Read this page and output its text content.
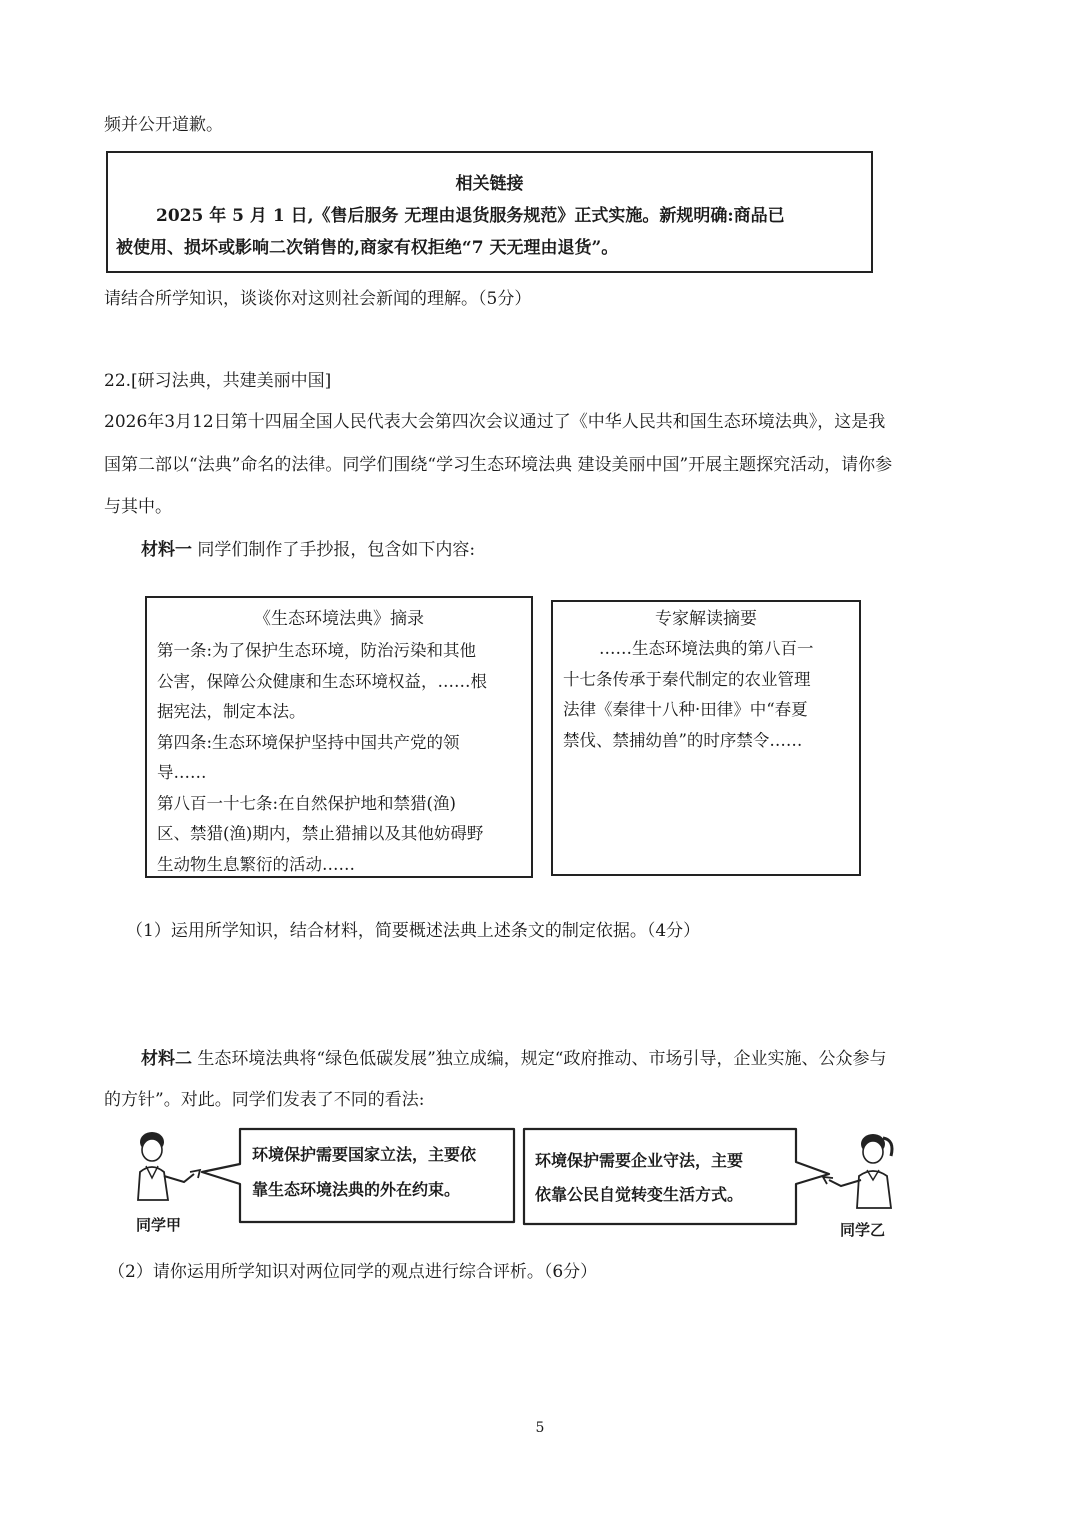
频并公开道歉。
相关链接
2025 年 5 月 1 日,《售后服务 无理由退货服务规范》正式实施。新规明确:商品已
被使用、损坏或影响二次销售的,商家有权拒绝“7 天无理由退货”。
请结合所学知识，谈谈你对这则社会新闻的理解。（5分）
22.[研习法典，共建美丽中国]
2026年3月12日第十四届全国人民代表大会第四次会议通过了《中华人民共和国生态环境法典》，这是我
国第二部以“法典”命名的法律。同学们围绕“学习生态环境法典 建设美丽中国”开展主题探究活动，请你参
与其中。
材料一 同学们制作了手抄报，包含如下内容:
《生态环境法典》摘录
第一条:为了保护生态环境，防治污染和其他
公害，保障公众健康和生态环境权益，……根
据宪法，制定本法。
第四条:生态环境保护坚持中国共产党的领
导……
第八百一十七条:在自然保护地和禁猎(渔)
区、禁猎(渔)期内，禁止猎捕以及其他妨碍野
生动物生息繁衍的活动……
专家解读摘要
……生态环境法典的第八百一
十七条传承于秦代制定的农业管理
法律《秦律十八种·田律》中“春夏
禁伐、禁捕幼兽”的时序禁令……
（1）运用所学知识，结合材料，简要概述法典上述条文的制定依据。（4分）
材料二 生态环境法典将“绿色低碳发展”独立成编，规定“政府推动、市场引导，企业实施、公众参与
的方针”。对此。同学们发表了不同的看法:
同学甲
环境保护需要国家立法，主要依
靠生态环境法典的外在约束。
环境保护需要企业守法，主要
依靠公民自觉转变生活方式。
同学乙
（2）请你运用所学知识对两位同学的观点进行综合评析。（6分）
5
